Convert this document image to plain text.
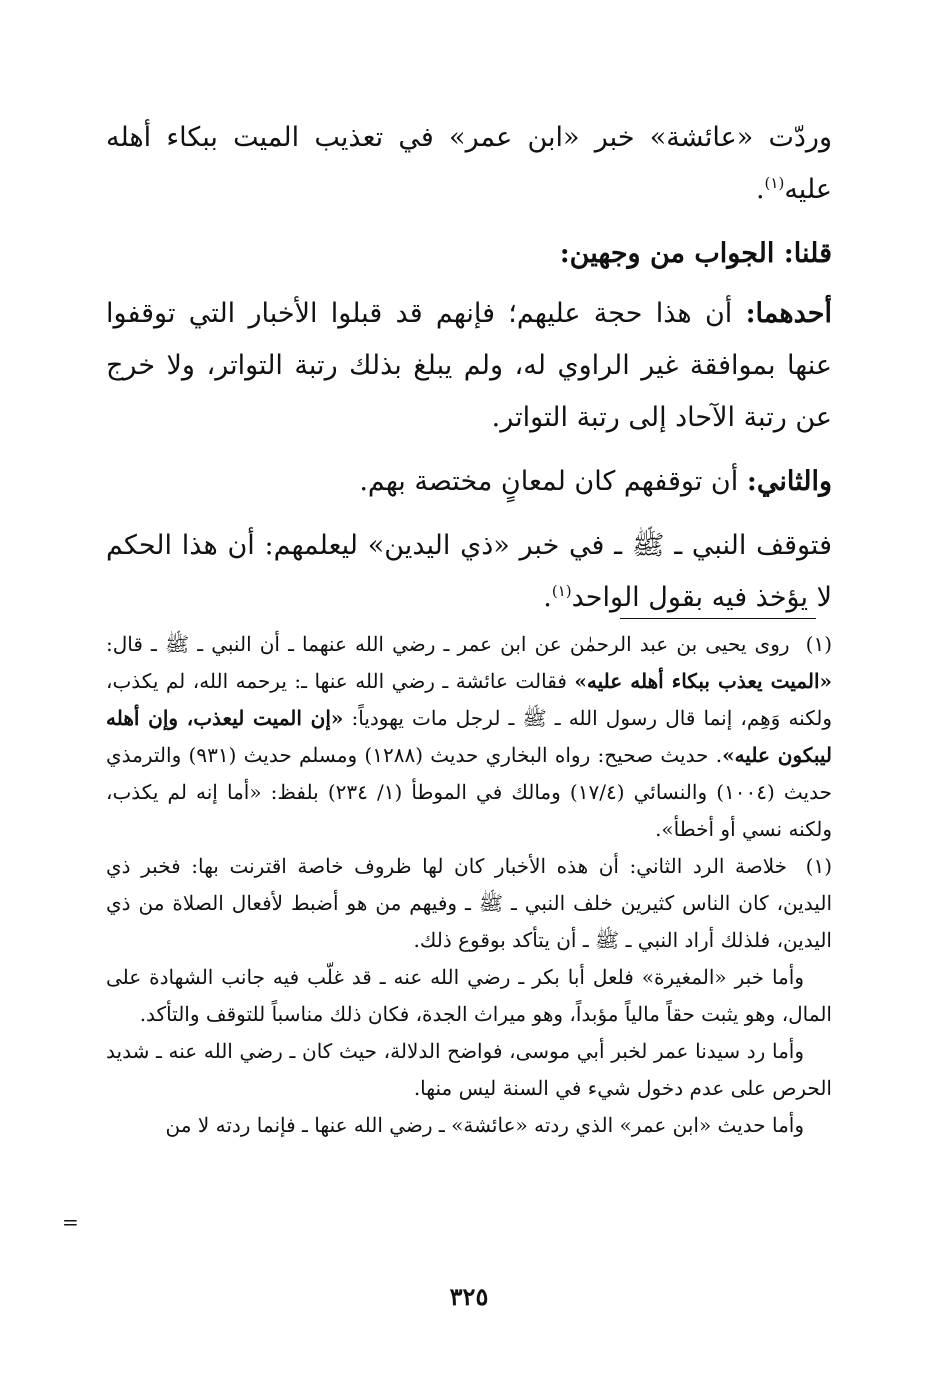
وردّت «عائشة» خبر «ابن عمر» في تعذيب الميت ببكاء أهله عليه$^{(١)}$.

قلنا: الجواب من وجهين:

أحدهما: أن هذا حجة عليهم؛ فإنهم قد قبلوا الأخبار التي توقفوا عنها بموافقة غير الراوي له، ولم يبلغ بذلك رتبة التواتر، ولا خرج عن رتبة الآحاد إلى رتبة التواتر.

والثاني: أن توقفهم كان لمعانٍ مختصة بهم.

فتوقف النبي ـ ﷺ ـ في خبر «ذي اليدين» ليعلمهم: أن هذا الحكم لا يؤخذ فيه بقول الواحد$^{(١)}$.

(١) روى يحيى بن عبد الرحمٰن عن ابن عمر ـ رضي الله عنهما ـ أن النبي ـ ﷺ ـ قال: «الميت يعذب ببكاء أهله عليه» فقالت عائشة ـ رضي الله عنها ـ: يرحمه الله، لم يكذب، ولكنه وَهِم، إنما قال رسول الله ـ ﷺ ـ لرجل مات يهودياً: «إن الميت ليعذب، وإن أهله ليبكون عليه». حديث صحيح: رواه البخاري حديث (١٢٨٨) ومسلم حديث (٩٣١) والترمذي حديث (١٠٠٤) والنسائي (١٧/٤) ومالك في الموطأ (١/ ٢٣٤) بلفظ: «أما إنه لم يكذب، ولكنه نسي أو أخطأ».

(١) خلاصة الرد الثاني: أن هذه الأخبار كان لها ظروف خاصة اقترنت بها: فخبر ذي اليدين، كان الناس كثيرين خلف النبي ـ ﷺ ـ وفيهم من هو أضبط لأفعال الصلاة من ذي اليدين، فلذلك أراد النبي ـ ﷺ ـ أن يتأكد بوقوع ذلك.

وأما خبر «المغيرة» فلعل أبا بكر ـ رضي الله عنه ـ قد غلّب فيه جانب الشهادة على المال، وهو يثبت حقاً مالياً مؤبداً، وهو ميراث الجدة، فكان ذلك مناسباً للتوقف والتأكد.

وأما رد سيدنا عمر لخبر أبي موسى، فواضح الدلالة، حيث كان ـ رضي الله عنه ـ شديد الحرص على عدم دخول شيء في السنة ليس منها.

وأما حديث «ابن عمر» الذي ردته «عائشة» ـ رضي الله عنها ـ فإنما ردته لا من

=
٣٢٥
